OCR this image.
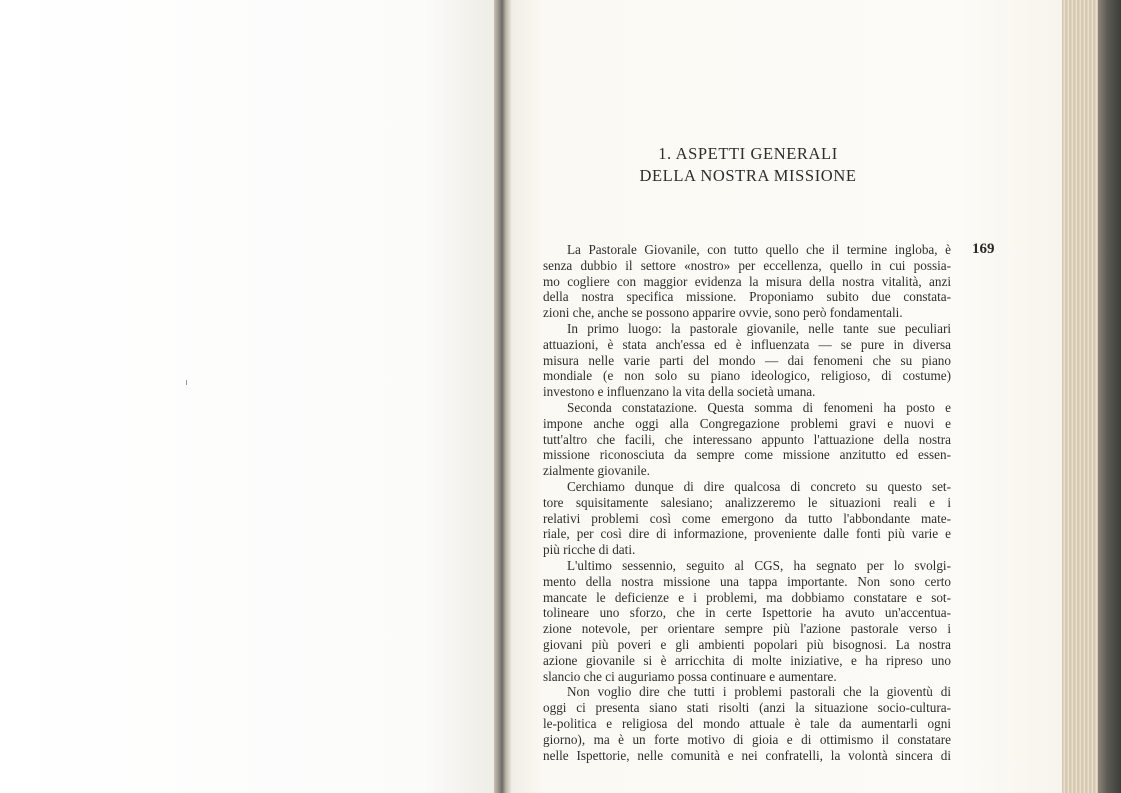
1. ASPETTI GENERALI
DELLA NOSTRA MISSIONE
169
La Pastorale Giovanile, con tutto quello che il termine ingloba, è
senza dubbio il settore «nostro» per eccellenza, quello in cui possia-
mo cogliere con maggior evidenza la misura della nostra vitalità, anzi
della nostra specifica missione. Proponiamo subito due constata-
zioni che, anche se possono apparire ovvie, sono però fondamentali.
In primo luogo: la pastorale giovanile, nelle tante sue peculiari
attuazioni, è stata anch'essa ed è influenzata — se pure in diversa
misura nelle varie parti del mondo — dai fenomeni che su piano
mondiale (e non solo su piano ideologico, religioso, di costume)
investono e influenzano la vita della società umana.
Seconda constatazione. Questa somma di fenomeni ha posto e
impone anche oggi alla Congregazione problemi gravi e nuovi e
tutt'altro che facili, che interessano appunto l'attuazione della nostra
missione riconosciuta da sempre come missione anzitutto ed essen-
zialmente giovanile.
Cerchiamo dunque di dire qualcosa di concreto su questo set-
tore squisitamente salesiano; analizzeremo le situazioni reali e i
relativi problemi così come emergono da tutto l'abbondante mate-
riale, per così dire di informazione, proveniente dalle fonti più varie e
più ricche di dati.
L'ultimo sessennio, seguito al CGS, ha segnato per lo svolgi-
mento della nostra missione una tappa importante. Non sono certo
mancate le deficienze e i problemi, ma dobbiamo constatare e sot-
tolineare uno sforzo, che in certe Ispettorie ha avuto un'accentua-
zione notevole, per orientare sempre più l'azione pastorale verso i
giovani più poveri e gli ambienti popolari più bisognosi. La nostra
azione giovanile si è arricchita di molte iniziative, e ha ripreso uno
slancio che ci auguriamo possa continuare e aumentare.
Non voglio dire che tutti i problemi pastorali che la gioventù di
oggi ci presenta siano stati risolti (anzi la situazione socio-cultura-
le-politica e religiosa del mondo attuale è tale da aumentarli ogni
giorno), ma è un forte motivo di gioia e di ottimismo il constatare
nelle Ispettorie, nelle comunità e nei confratelli, la volontà sincera di
